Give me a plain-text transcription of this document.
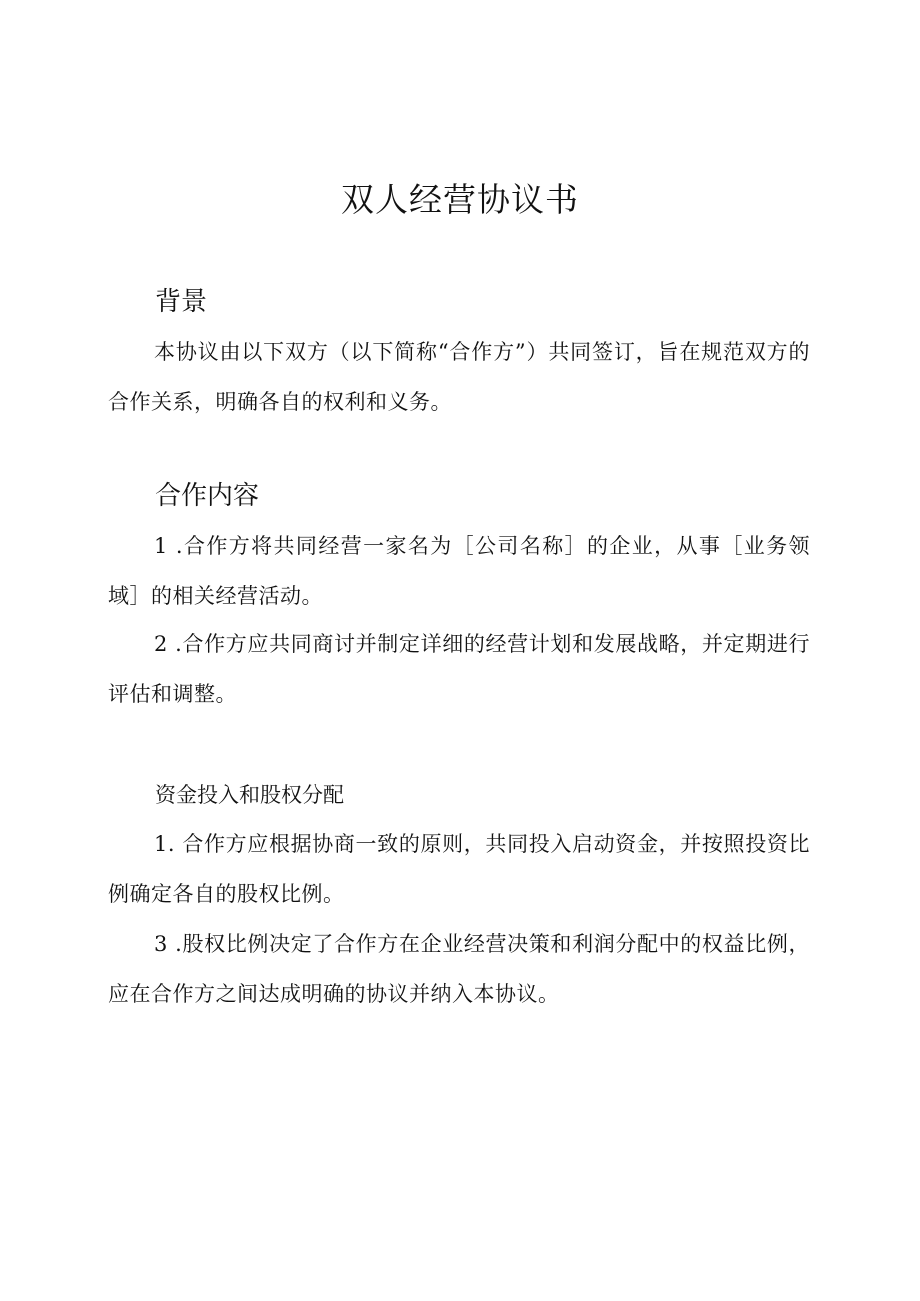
双人经营协议书
背景

本协议由以下双方（以下简称“合作方”）共同签订，旨在规范双方的合作关系，明确各自的权利和义务。

合作内容

1 .合作方将共同经营一家名为［公司名称］的企业，从事［业务领域］的相关经营活动。

2 .合作方应共同商讨并制定详细的经营计划和发展战略，并定期进行评估和调整。

资金投入和股权分配

1. 合作方应根据协商一致的原则，共同投入启动资金，并按照投资比例确定各自的股权比例。

3 .股权比例决定了合作方在企业经营决策和利润分配中的权益比例，应在合作方之间达成明确的协议并纳入本协议。
